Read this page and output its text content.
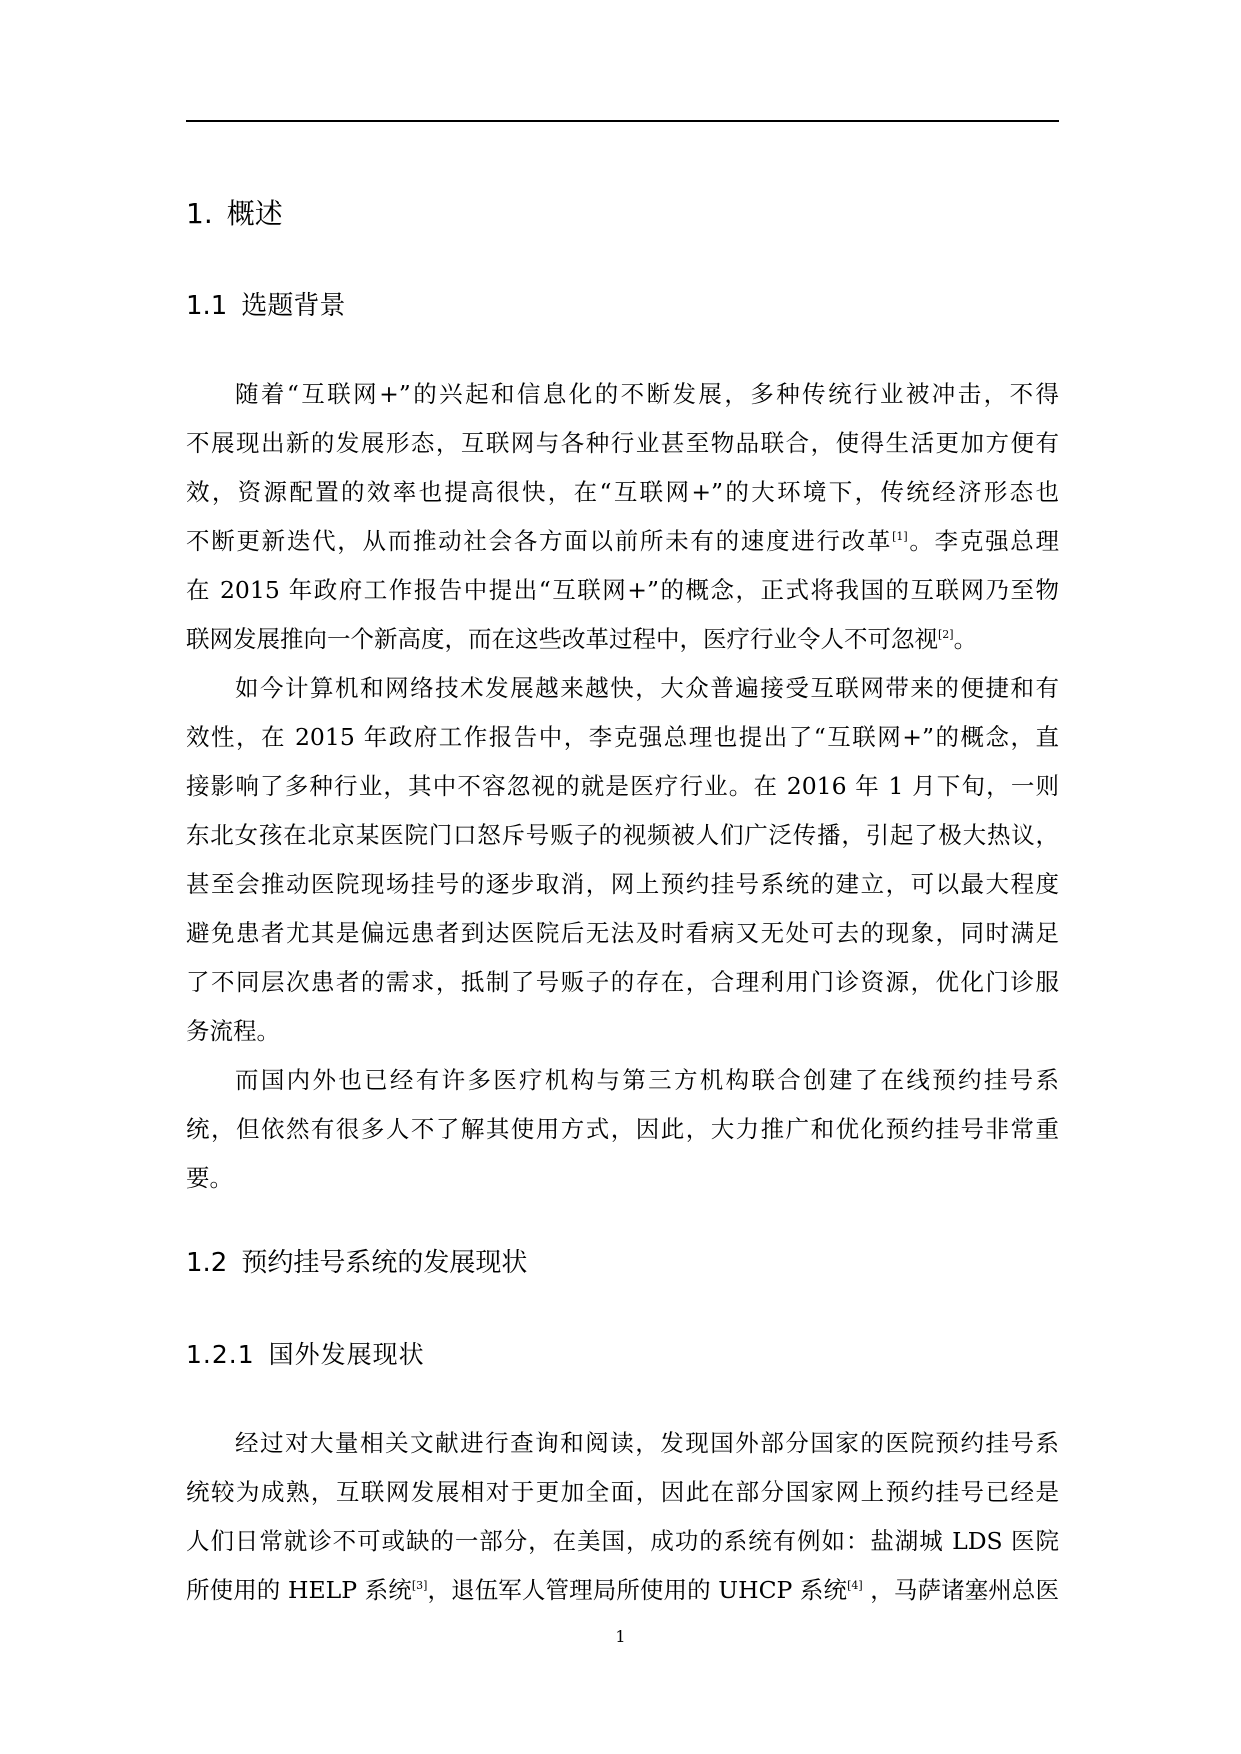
1. 概述
1.1 选题背景
随着“互联网+”的兴起和信息化的不断发展，多种传统行业被冲击，不得
不展现出新的发展形态，互联网与各种行业甚至物品联合，使得生活更加方便有
效，资源配置的效率也提高很快，在“互联网+”的大环境下，传统经济形态也
不断更新迭代，从而推动社会各方面以前所未有的速度进行改革[1]。李克强总理
在 2015 年政府工作报告中提出“互联网+”的概念，正式将我国的互联网乃至物
联网发展推向一个新高度，而在这些改革过程中，医疗行业令人不可忽视[2]。
如今计算机和网络技术发展越来越快，大众普遍接受互联网带来的便捷和有
效性，在 2015 年政府工作报告中，李克强总理也提出了“互联网+”的概念，直
接影响了多种行业，其中不容忽视的就是医疗行业。在 2016 年 1 月下旬，一则
东北女孩在北京某医院门口怒斥号贩子的视频被人们广泛传播，引起了极大热议，
甚至会推动医院现场挂号的逐步取消，网上预约挂号系统的建立，可以最大程度
避免患者尤其是偏远患者到达医院后无法及时看病又无处可去的现象，同时满足
了不同层次患者的需求，抵制了号贩子的存在，合理利用门诊资源，优化门诊服
务流程。
而国内外也已经有许多医疗机构与第三方机构联合创建了在线预约挂号系
统，但依然有很多人不了解其使用方式，因此，大力推广和优化预约挂号非常重
要。
1.2 预约挂号系统的发展现状
1.2.1 国外发展现状
经过对大量相关文献进行查询和阅读，发现国外部分国家的医院预约挂号系
统较为成熟，互联网发展相对于更加全面，因此在部分国家网上预约挂号已经是
人们日常就诊不可或缺的一部分，在美国，成功的系统有例如：盐湖城 LDS 医院
所使用的 HELP 系统[3]，退伍军人管理局所使用的 UHCP 系统[4] ，马萨诸塞州总医
1
